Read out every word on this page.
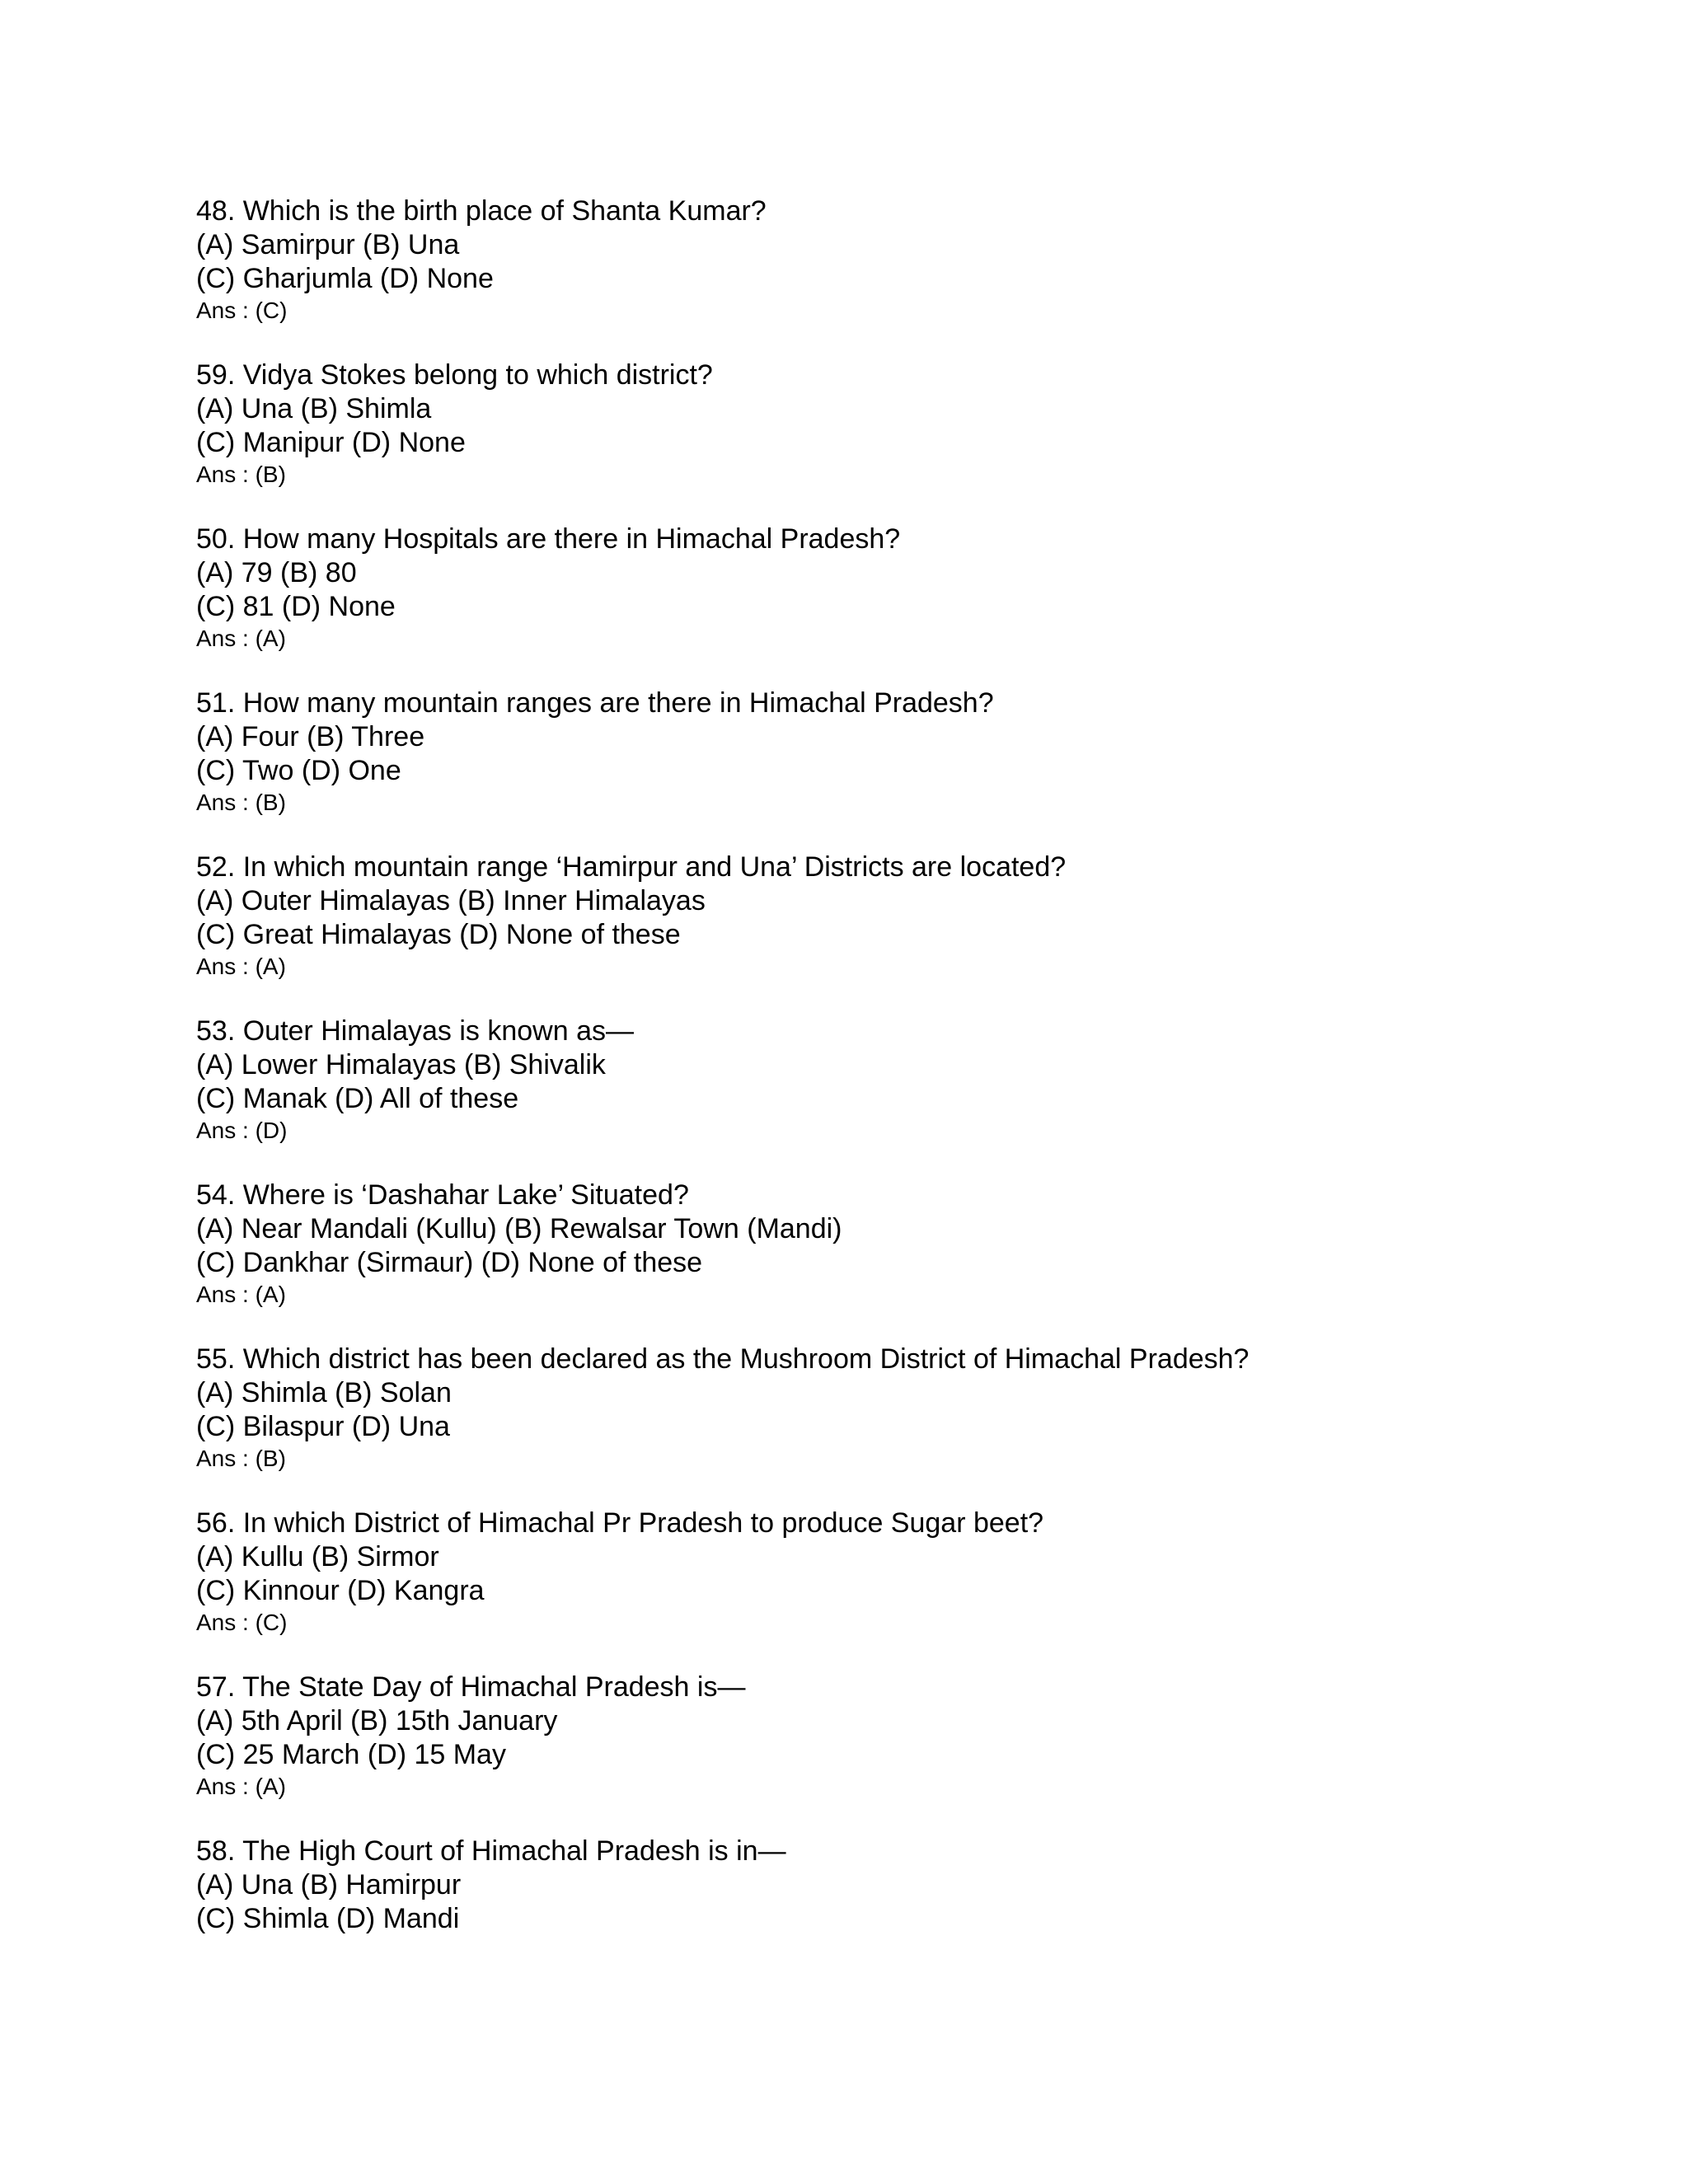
48. Which is the birth place of Shanta Kumar?
(A) Samirpur (B) Una
(C) Gharjumla (D) None
Ans : (C)
59. Vidya Stokes belong to which district?
(A) Una (B) Shimla
(C) Manipur (D) None
Ans : (B)
50. How many Hospitals are there in Himachal Pradesh?
(A) 79 (B) 80
(C) 81 (D) None
Ans : (A)
51. How many mountain ranges are there in Himachal Pradesh?
(A) Four (B) Three
(C) Two (D) One
Ans : (B)
52. In which mountain range ‘Hamirpur and Una’ Districts are located?
(A) Outer Himalayas (B) Inner Himalayas
(C) Great Himalayas (D) None of these
Ans : (A)
53. Outer Himalayas is known as—
(A) Lower Himalayas (B) Shivalik
(C) Manak (D) All of these
Ans : (D)
54. Where is ‘Dashahar Lake’ Situated?
(A) Near Mandali (Kullu) (B) Rewalsar Town (Mandi)
(C) Dankhar (Sirmaur) (D) None of these
Ans : (A)
55. Which district has been declared as the Mushroom District of Himachal Pradesh?
(A) Shimla (B) Solan
(C) Bilaspur (D) Una
Ans : (B)
56. In which District of Himachal Pr Pradesh to produce Sugar beet?
(A) Kullu (B) Sirmor
(C) Kinnour (D) Kangra
Ans : (C)
57. The State Day of Himachal Pradesh is—
(A) 5th April (B) 15th January
(C) 25 March (D) 15 May
Ans : (A)
58. The High Court of Himachal Pradesh is in—
(A) Una (B) Hamirpur
(C) Shimla (D) Mandi
